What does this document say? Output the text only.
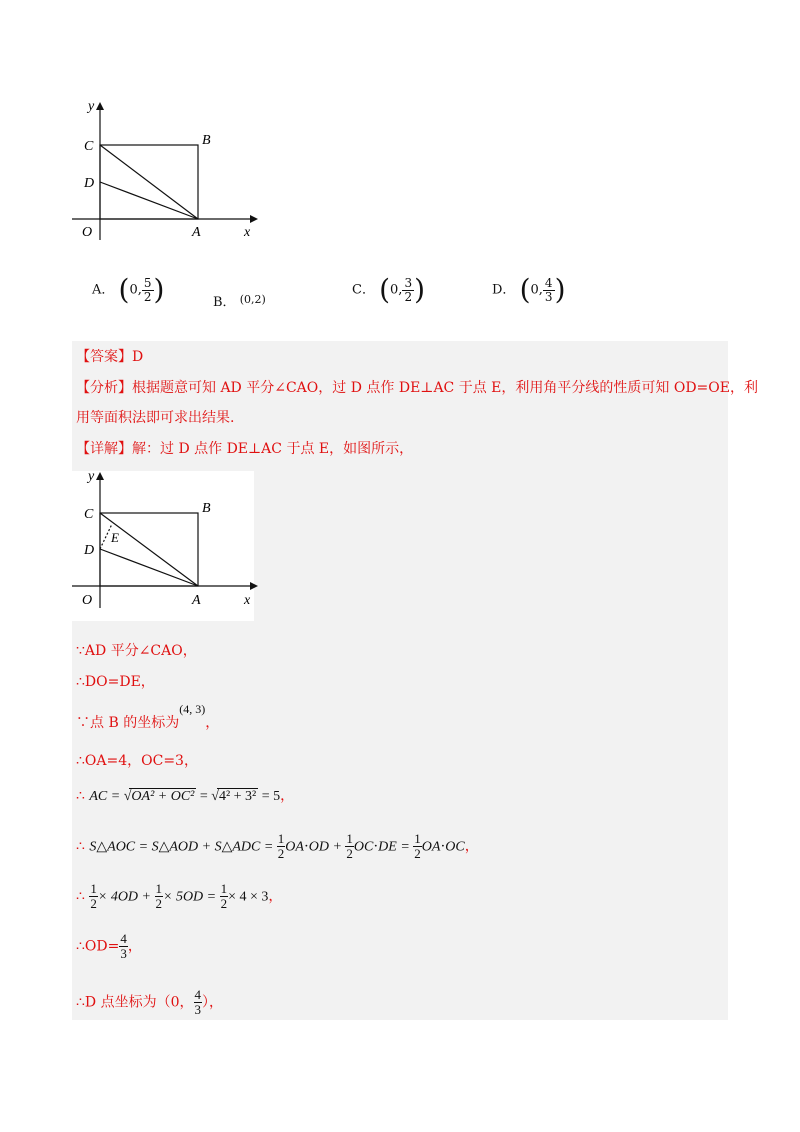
y
C	B
D
O	A	x
A． (0, $\frac{5}{2}$ )	B． $^{(0,2)}$
C． (0, $\frac{3}{2}$ )	D． (0, $\frac{4}{3}$ )
【答案】D
【分析】根据题意可知 AD 平分∠CAO，过 D 点作 DE⊥AC 于点 E，利用角平分线的性质可知 OD=OE，利
用等面积法即可求出结果.
【详解】解：过 D 点作 DE⊥AC 于点 E，如图所示，
y
C	B
E
D
O	A	x
∵AD 平分∠CAO，
∴DO=DE，
∵点 B 的坐标为(4, 3)，
∴OA=4，OC=3，
∴ AC = √OA² + OC² = √4² + 3² = 5，
∴ S△AOC = S△AOD + S△ADC = $\frac{1}{2} OA\cdot OD + \frac{1}{2} OC\cdot DE = \frac{1}{2} OA\cdot OC$，
∴ $\frac{1}{2} \times 4OD + \frac{1}{2} \times 5OD = \frac{1}{2} \times 4 \times 3$，
∴OD= $\frac{4}{3}$ ，
∴D 点坐标为（0， $\frac{4}{3}$ ），
